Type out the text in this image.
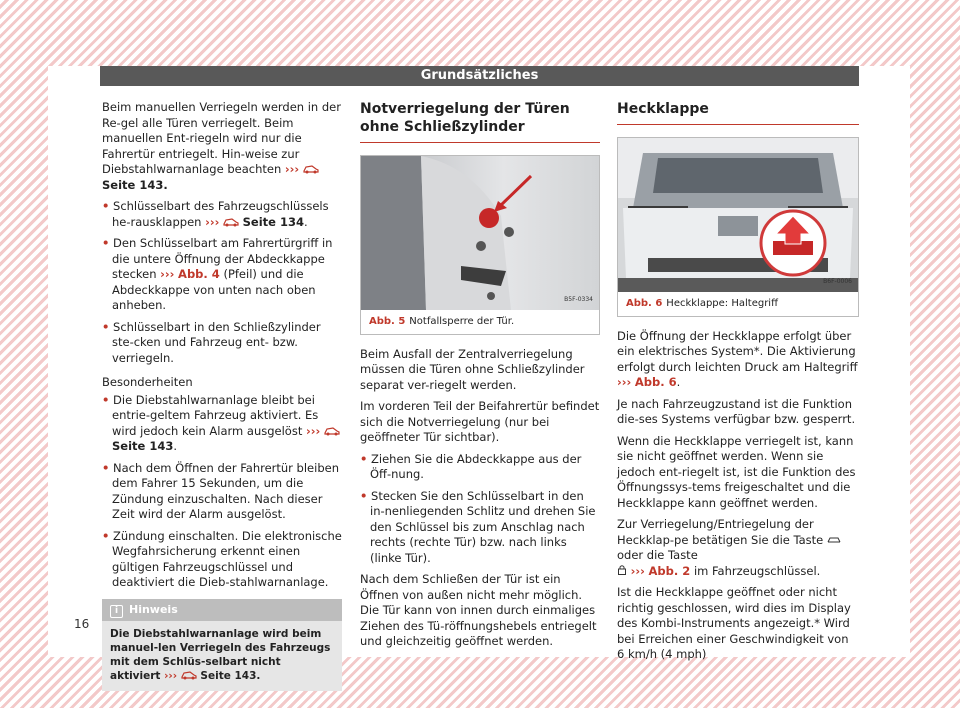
Grundsätzliches

Beim manuellen Verriegeln werden in der Re-gel alle Türen verriegelt. Beim manuellen Ent-riegeln wird nur die Fahrertür entriegelt. Hin-weise zur Diebstahlwarnanlage beachten ›››  Seite 143.

• Schlüsselbart des Fahrzeugschlüssels he-rausklappen ››› Seite 134.

• Den Schlüsselbart am Fahrertürgriff in die untere Öffnung der Abdeckkappe stecken ››› Abb. 4 (Pfeil) und die Abdeckkappe von unten nach oben anheben.

• Schlüsselbart in den Schließzylinder ste-cken und Fahrzeug ent- bzw. verriegeln.

Besonderheiten

• Die Diebstahlwarnanlage bleibt bei entrie-geltem Fahrzeug aktiviert. Es wird jedoch kein Alarm ausgelöst ›››  Seite 143.

• Nach dem Öffnen der Fahrertür bleiben dem Fahrer 15 Sekunden, um die Zündung einzuschalten. Nach dieser Zeit wird der Alarm ausgelöst.

• Zündung einschalten. Die elektronische Wegfahrsicherung erkennt einen gültigen Fahrzeugschlüssel und deaktiviert die Dieb-stahlwarnanlage.

i Hinweis
Die Diebstahlwarnanlage wird beim manuel-len Verriegeln des Fahrzeugs mit dem Schlüs-selbart nicht aktiviert ››› Seite 143.
Notverriegelung der Türen ohne Schließzylinder
B5F-0334
Abb. 5 Notfallsperre der Tür.

Beim Ausfall der Zentralverriegelung müssen die Türen ohne Schließzylinder separat ver-riegelt werden.

Im vorderen Teil der Beifahrertür befindet sich die Notverriegelung (nur bei geöffneter Tür sichtbar).

• Ziehen Sie die Abdeckkappe aus der Öff-nung.

• Stecken Sie den Schlüsselbart in den in-nenliegenden Schlitz und drehen Sie den Schlüssel bis zum Anschlag nach rechts (rechte Tür) bzw. nach links (linke Tür).

Nach dem Schließen der Tür ist ein Öffnen von außen nicht mehr möglich. Die Tür kann von innen durch einmaliges Ziehen des Tü-röffnungshebels entriegelt und gleichzeitig geöffnet werden.

Heckklappe
B6F-0006
Abb. 6 Heckklappe: Haltegriff

Die Öffnung der Heckklappe erfolgt über ein elektrisches System*. Die Aktivierung erfolgt durch leichten Druck am Haltegriff ››› Abb. 6.

Je nach Fahrzeugzustand ist die Funktion die-ses Systems verfügbar bzw. gesperrt.

Wenn die Heckklappe verriegelt ist, kann sie nicht geöffnet werden. Wenn sie jedoch ent-riegelt ist, ist die Funktion des Öffnungssys-tems freigeschaltet und die Heckklappe kann geöffnet werden.

Zur Verriegelung/Entriegelung der Heckklap-pe betätigen Sie die Taste  oder die Taste
››› Abb. 2 im Fahrzeugschlüssel.

Ist die Heckklappe geöffnet oder nicht richtig geschlossen, wird dies im Display des Kombi-Instruments angezeigt.* Wird bei Erreichen einer Geschwindigkeit von 6 km/h (4 mph)

16
